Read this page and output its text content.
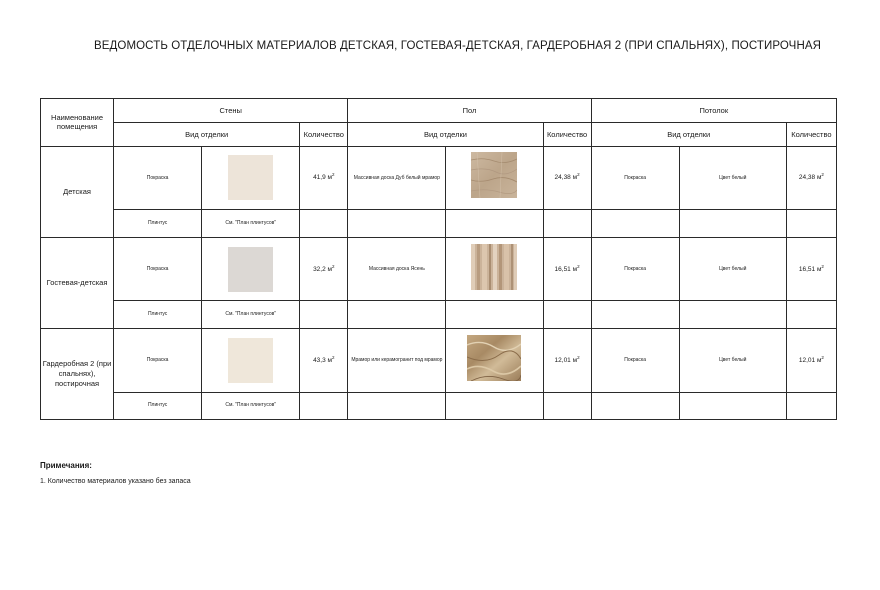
ВЕДОМОСТЬ ОТДЕЛОЧНЫХ МАТЕРИАЛОВ ДЕТСКАЯ, ГОСТЕВАЯ-ДЕТСКАЯ, ГАРДЕРОБНАЯ 2 (ПРИ СПАЛЬНЯХ), ПОСТИРОЧНАЯ
Наименование помещения	Стены			Пол			Потолок		
	Вид отделки		Количество	Вид отделки		Количество	Вид отделки		Количество
Детская	Покраска		41,9 $м^2$	Массивная доска Дуб белый мрамор		24,38 $м^2$	Покраска	Цвет белый	24,38 $м^2$
	Плинтус	См. "План плинтусов"							
Гостевая-детская	Покраска		32,2 $м^2$	Массивная доска Ясень		16,51 $м^2$	Покраска	Цвет белый	16,51 $м^2$
	Плинтус	См. "План плинтусов"							
Гардеробная 2 (при спальнях), постирочная	Покраска		43,3 $м^2$	Мрамор или керамогранит под мрамор		12,01 $м^2$	Покраска	Цвет белый	12,01 $м^2$
	Плинтус	См. "План плинтусов"							
Примечания:
1. Количество материалов указано без запаса
